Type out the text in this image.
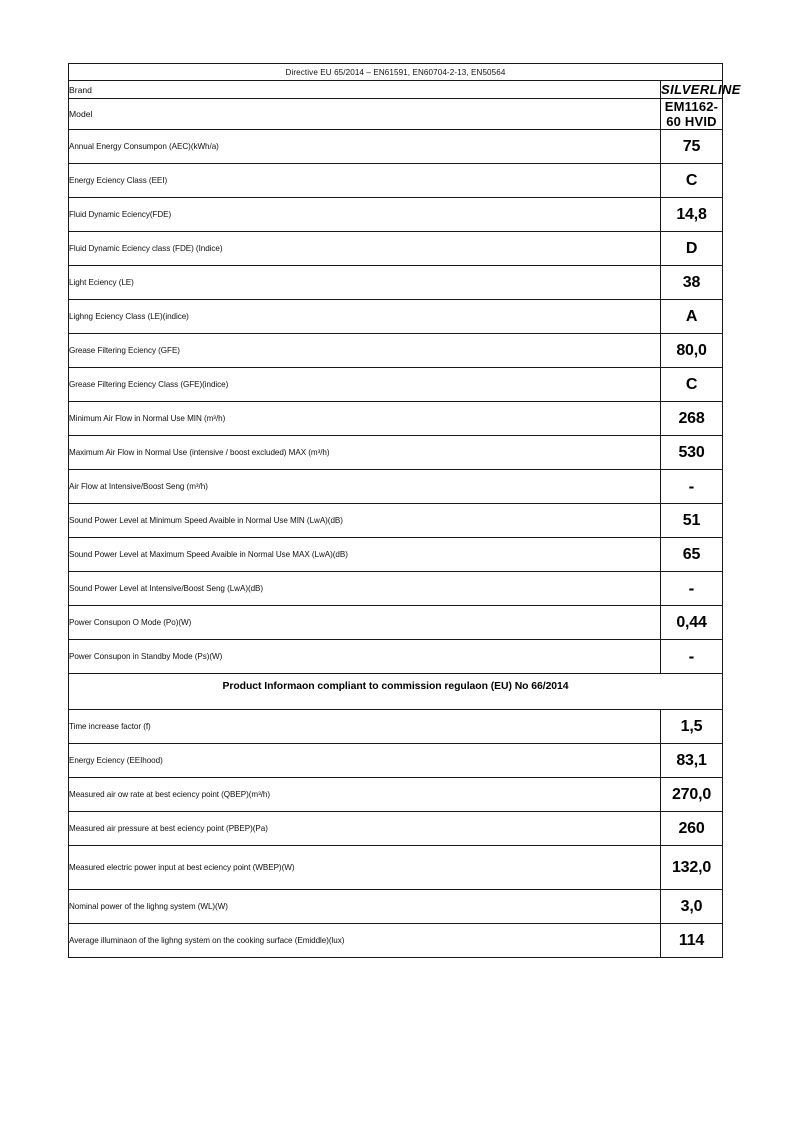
Directive EU 65/2014 – EN61591, EN60704-2-13, EN50564	
Brand	SILVERLINE
Model	EM1162-60 HVID
Annual Energy Consumpon (AEC)(kWh/a)	75
Energy Eciency Class (EEI)	C
Fluid Dynamic Eciency(FDE)	14,8
Fluid Dynamic Eciency class (FDE) (Indice)	D
Light Eciency (LE)	38
Lighng Eciency Class (LE)(indice)	A
Grease Filtering Eciency (GFE)	80,0
Grease Filtering Eciency Class (GFE)(indice)	C
Minimum Air Flow in Normal Use MIN (m³/h)	268
Maximum Air Flow in Normal Use (intensive / boost excluded) MAX (m³/h)	530
Air Flow at Intensive/Boost Seng (m³/h)	-
Sound Power Level at Minimum Speed Avaible in Normal Use MIN (LwA)(dB)	51
Sound Power Level at Maximum Speed Avaible in Normal Use MAX (LwA)(dB)	65
Sound Power Level at Intensive/Boost Seng (LwA)(dB)	-
Power Consupon O Mode (Po)(W)	0,44
Power Consupon in Standby Mode (Ps)(W)	-
Product Informaon compliant to commission regulaon (EU) No 66/2014	
Time increase factor (f)	1,5
Energy Eciency (EEIhood)	83,1
Measured air ow rate at best eciency point (QBEP)(m³/h)	270,0
Measured air pressure at best eciency point (PBEP)(Pa)	260
Measured electric power input at best eciency point (WBEP)(W)	132,0
Nominal power of the lighng system (WL)(W)	3,0
Average illuminaon of the lighng system on the cooking surface (Emiddle)(lux)	114
